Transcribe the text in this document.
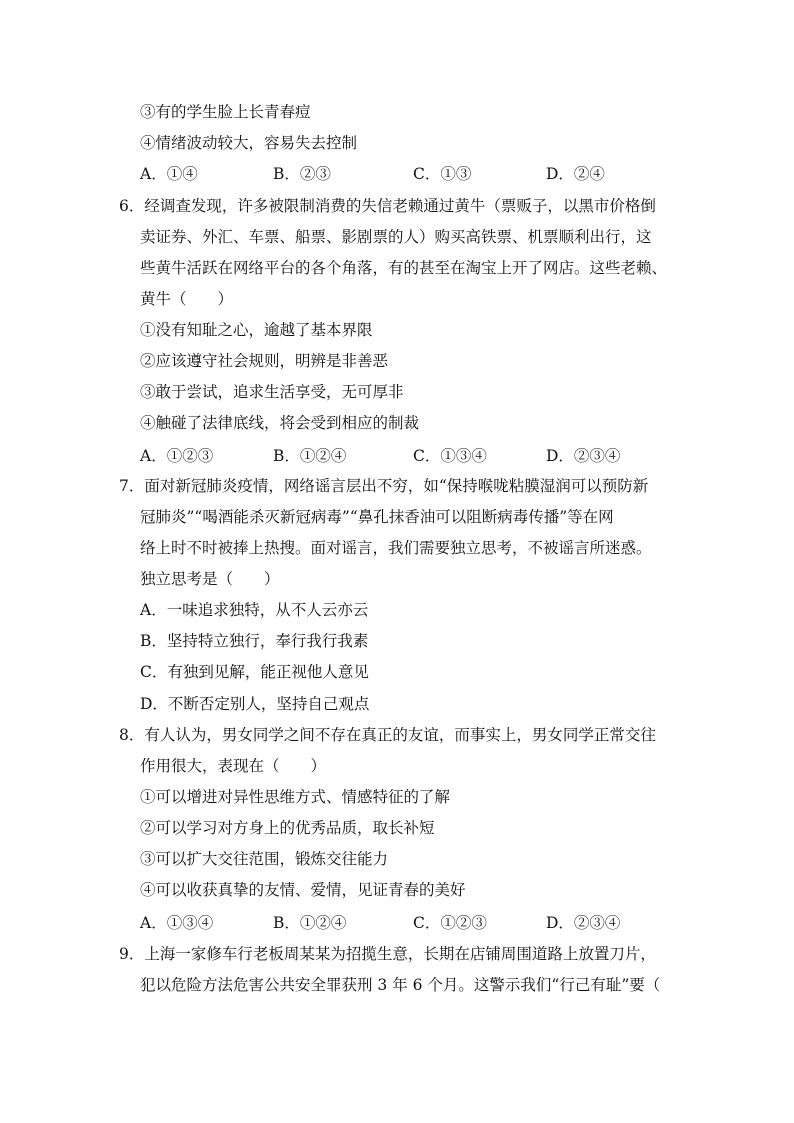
③有的学生脸上长青春痘
④情绪波动较大，容易失去控制
A．①④	B．②③	C．①③	D．②④
6．经调查发现，许多被限制消费的失信老赖通过黄牛（票贩子，以黑市价格倒
卖证券、外汇、车票、船票、影剧票的人）购买高铁票、机票顺利出行，这
些黄牛活跃在网络平台的各个角落，有的甚至在淘宝上开了网店。这些老赖、
黄牛（　　）
①没有知耻之心，逾越了基本界限
②应该遵守社会规则，明辨是非善恶
③敢于尝试，追求生活享受，无可厚非
④触碰了法律底线，将会受到相应的制裁
A．①②③	B．①②④	C．①③④	D．②③④
7．面对新冠肺炎疫情，网络谣言层出不穷，如“保持喉咙粘膜湿润可以预防新
冠肺炎”“喝酒能杀灭新冠病毒”“鼻孔抹香油可以阻断病毒传播”等在网
络上时不时被捧上热搜。面对谣言，我们需要独立思考，不被谣言所迷惑。
独立思考是（　　）
A．一味追求独特，从不人云亦云
B．坚持特立独行，奉行我行我素
C．有独到见解，能正视他人意见
D．不断否定别人，坚持自己观点
8．有人认为，男女同学之间不存在真正的友谊，而事实上，男女同学正常交往
作用很大，表现在（　　）
①可以增进对异性思维方式、情感特征的了解
②可以学习对方身上的优秀品质，取长补短
③可以扩大交往范围，锻炼交往能力
④可以收获真挚的友情、爱情，见证青春的美好
A．①③④	B．①②④	C．①②③	D．②③④
9．上海一家修车行老板周某某为招揽生意，长期在店铺周围道路上放置刀片，
犯以危险方法危害公共安全罪获刑 3 年 6 个月。这警示我们“行己有耻”要（
